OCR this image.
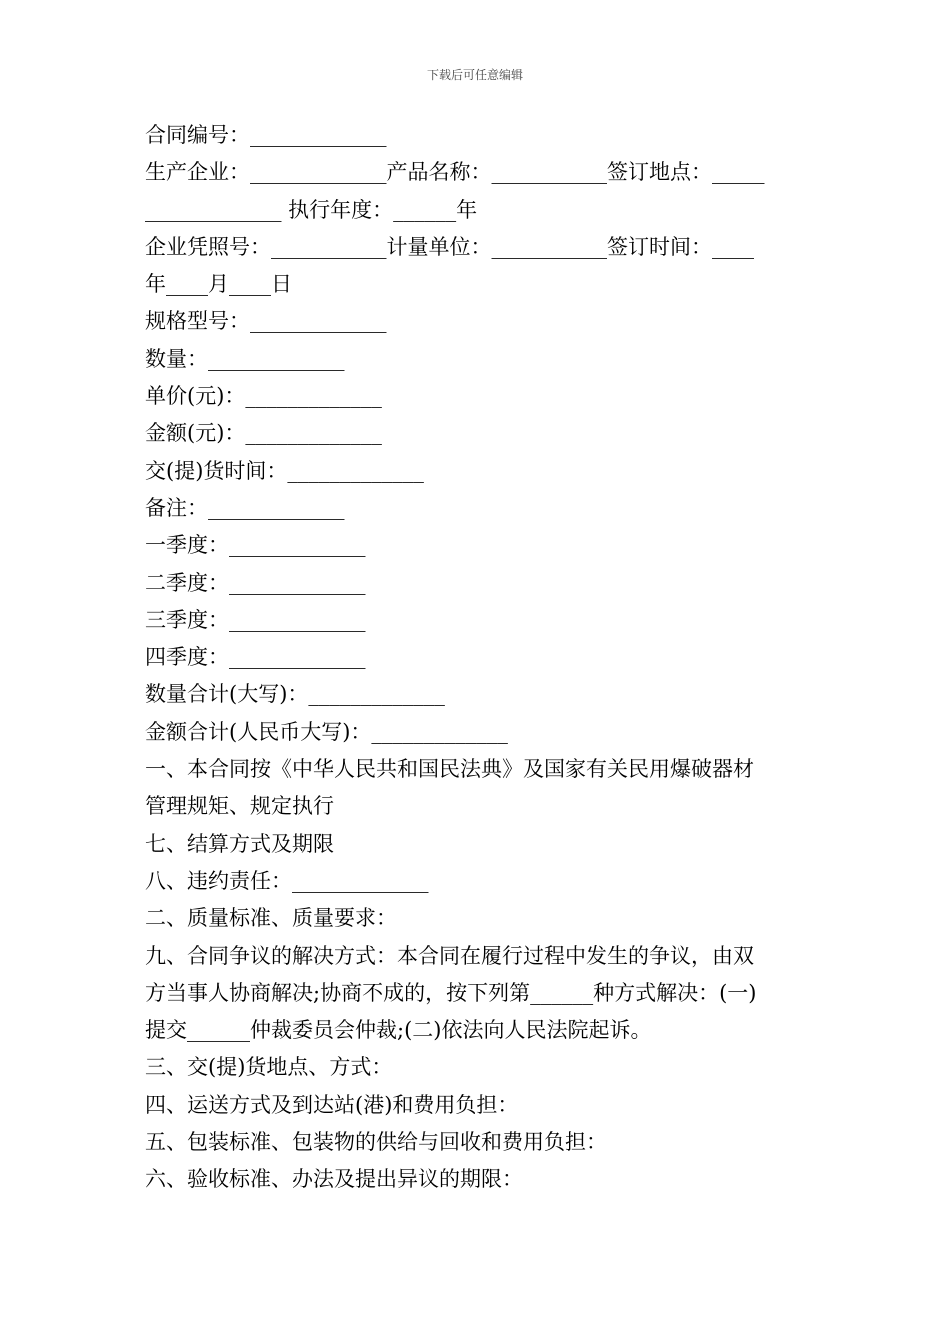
下载后可任意编辑
合同编号：_____________
生产企业：_____________产品名称：___________签订地点：_____
_____________ 执行年度：______年
企业凭照号：___________计量单位：___________签订时间：____
年____月____日
规格型号：_____________
数量：_____________
单价(元)：_____________
金额(元)：_____________
交(提)货时间：_____________
备注：_____________
一季度：_____________
二季度：_____________
三季度：_____________
四季度：_____________
数量合计(大写)：_____________
金额合计(人民币大写)：_____________
一、本合同按《中华人民共和国民法典》及国家有关民用爆破器材
管理规矩、规定执行
七、结算方式及期限
八、违约责任：_____________
二、质量标准、质量要求：
九、合同争议的解决方式：本合同在履行过程中发生的争议，由双
方当事人协商解决;协商不成的，按下列第______种方式解决：(一)
提交______仲裁委员会仲裁;(二)依法向人民法院起诉。
三、交(提)货地点、方式：
四、运送方式及到达站(港)和费用负担：
五、包装标准、包装物的供给与回收和费用负担：
六、验收标准、办法及提出异议的期限：
